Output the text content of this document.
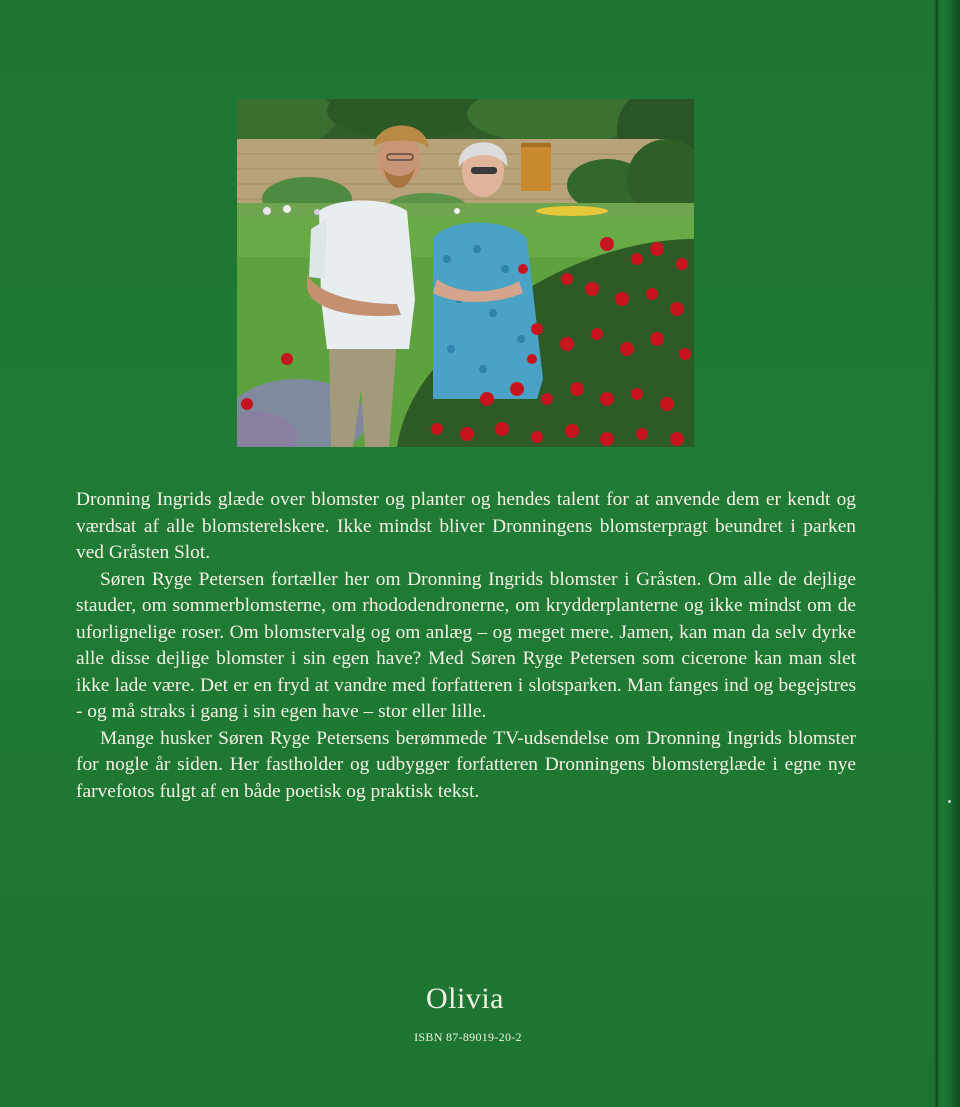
Dronning Ingrids glæde over blomster og planter og hendes talent for at anvende dem er kendt og værdsat af alle blomsterelskere. Ikke mindst bliver Dronningens blomsterpragt beundret i parken ved Gråsten Slot.

Søren Ryge Petersen fortæller her om Dronning Ingrids blomster i Gråsten. Om alle de dejlige stauder, om sommerblomsterne, om rhododendronerne, om krydderplanterne og ikke mindst om de uforlignelige roser. Om blomstervalg og om anlæg – og meget mere. Jamen, kan man da selv dyrke alle disse dejlige blomster i sin egen have? Med Søren Ryge Petersen som cicerone kan man slet ikke lade være. Det er en fryd at vandre med forfatteren i slotsparken. Man fanges ind og begejstres - og må straks i gang i sin egen have – stor eller lille.

Mange husker Søren Ryge Petersens berømmede TV-udsendelse om Dronning Ingrids blomster for nogle år siden. Her fastholder og udbygger forfatteren Dronningens blomsterglæde i egne nye farvefotos fulgt af en både poetisk og praktisk tekst.

Olivia
ISBN 87-89019-20-2
